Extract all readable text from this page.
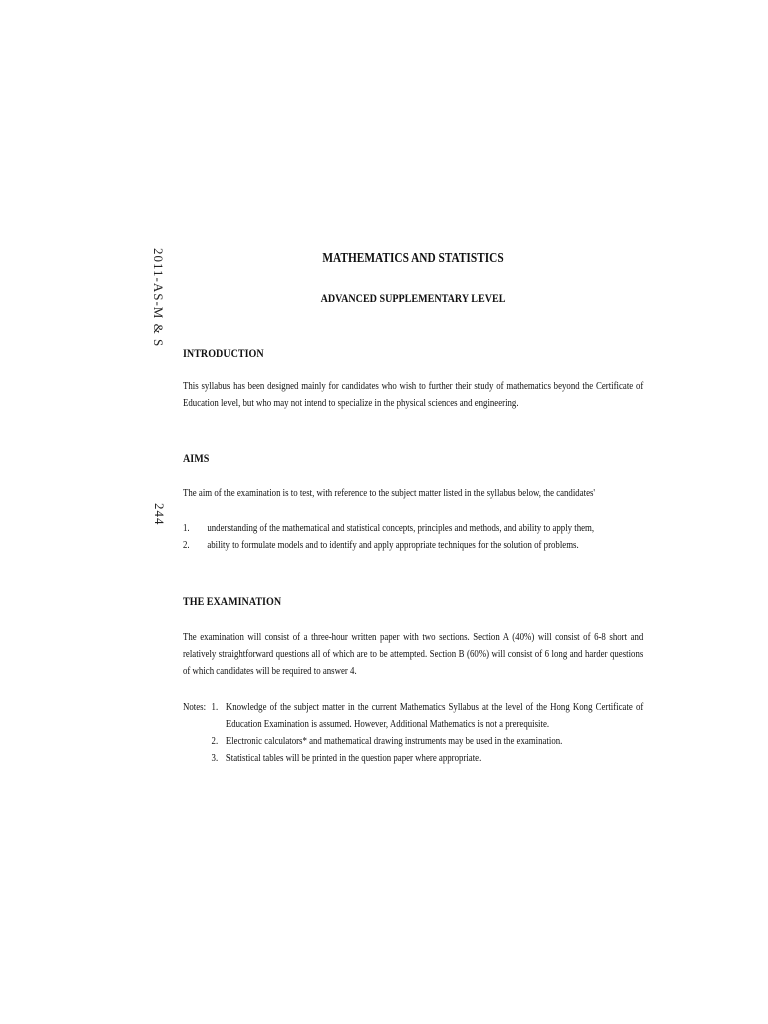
2011-AS-M & S
244
MATHEMATICS AND STATISTICS
ADVANCED SUPPLEMENTARY LEVEL
INTRODUCTION
This syllabus has been designed mainly for candidates who wish to further their study of mathematics beyond the Certificate of Education level, but who may not intend to specialize in the physical sciences and engineering.
AIMS
The aim of the examination is to test, with reference to the subject matter listed in the syllabus below, the candidates'
1.	understanding of the mathematical and statistical concepts, principles and methods, and ability to apply them,
2.	ability to formulate models and to identify and apply appropriate techniques for the solution of problems.
THE EXAMINATION
The examination will consist of a three-hour written paper with two sections. Section A (40%) will consist of 6-8 short and relatively straightforward questions all of which are to be attempted. Section B (60%) will consist of 6 long and harder questions of which candidates will be required to answer 4.
Notes: 1. Knowledge of the subject matter in the current Mathematics Syllabus at the level of the Hong Kong Certificate of Education Examination is assumed. However, Additional Mathematics is not a prerequisite.
2. Electronic calculators* and mathematical drawing instruments may be used in the examination.
3. Statistical tables will be printed in the question paper where appropriate.
